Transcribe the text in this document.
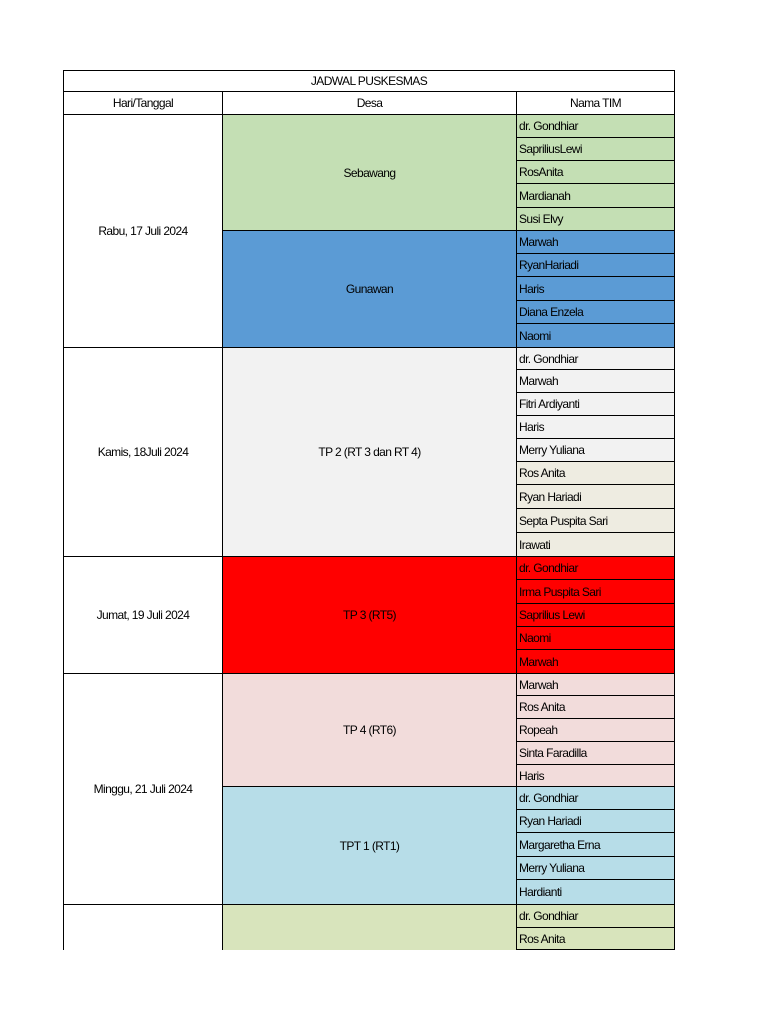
JADWAL PUSKESMAS
Hari/Tanggal	Desa	Nama TIM
Rabu, 17 Juli 2024
Kamis, 18Juli 2024
Jumat, 19 Juli 2024
Minggu, 21 Juli 2024
Sebawang
Gunawan
TP 2 (RT 3 dan RT 4)
TP 3 (RT5)
TP 4 (RT6)
TPT 1 (RT1)
dr. Gondhiar
SapriliusLewi
RosAnita
Mardianah
Susi Elvy
Marwah
RyanHariadi
Haris
Diana Enzela
Naomi
dr. Gondhiar
Marwah
Fitri Ardiyanti
Haris
Merry Yuliana
Ros Anita
Ryan Hariadi
Septa Puspita Sari
Irawati
dr. Gondhiar
Irma Puspita Sari
Saprilius Lewi
Naomi
Marwah
Marwah
Ros Anita
Ropeah
Sinta Faradilla
Haris
dr. Gondhiar
Ryan Hariadi
Margaretha Erna
Merry Yuliana
Hardianti
dr. Gondhiar
Ros Anita
